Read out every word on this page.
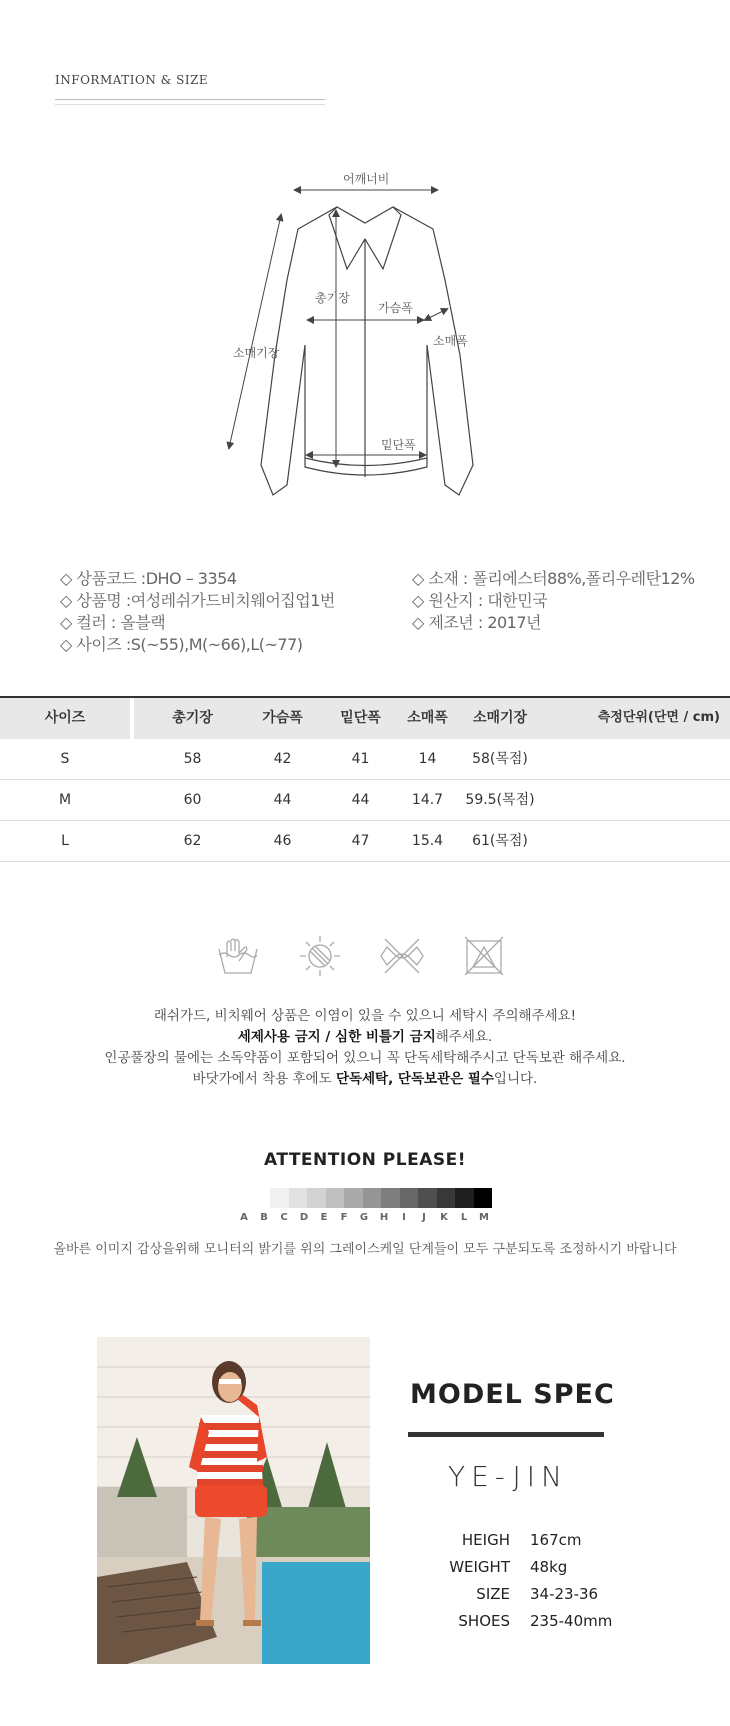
INFORMATION & SIZE
어깨너비
총기장
가슴폭
소매폭
소매기장
밑단폭
◇ 상품코드 :DHO – 3354
◇ 상품명 :여성레쉬가드비치웨어집업1번
◇ 컬러 : 올블랙
◇ 사이즈 :S(~55),M(~66),L(~77)
◇ 소재 : 폴리에스터88%,폴리우레탄12%
◇ 원산지 : 대한민국
◇ 제조년 : 2017년
사이즈	총기장	가슴폭	밑단폭	소매폭	소매기장	측정단위(단면 / cm)
S	58	42	41	14	58(목점)
M	60	44	44	14.7	59.5(목점)
L	62	46	47	15.4	61(목점)
래쉬가드, 비치웨어 상품은 이염이 있을 수 있으니 세탁시 주의해주세요!
세제사용 금지 / 심한 비틀기 금지해주세요.
인공풀장의 물에는 소독약품이 포함되어 있으니 꼭 단독세탁해주시고 단독보관 해주세요.
바닷가에서 착용 후에도 단독세탁, 단독보관은 필수입니다.
ATTENTION PLEASE!
A	B	C	D	E	F	G	H	I	J	K	L	M
올바른 이미지 감상을위해 모니터의 밝기를 위의 그레이스케일 단계들이 모두 구분되도록 조정하시기 바랍니다
MODEL SPEC
YE-JIN
HEIGH 167cm
WEIGHT 48kg
SIZE 34-23-36
SHOES 235-40mm
